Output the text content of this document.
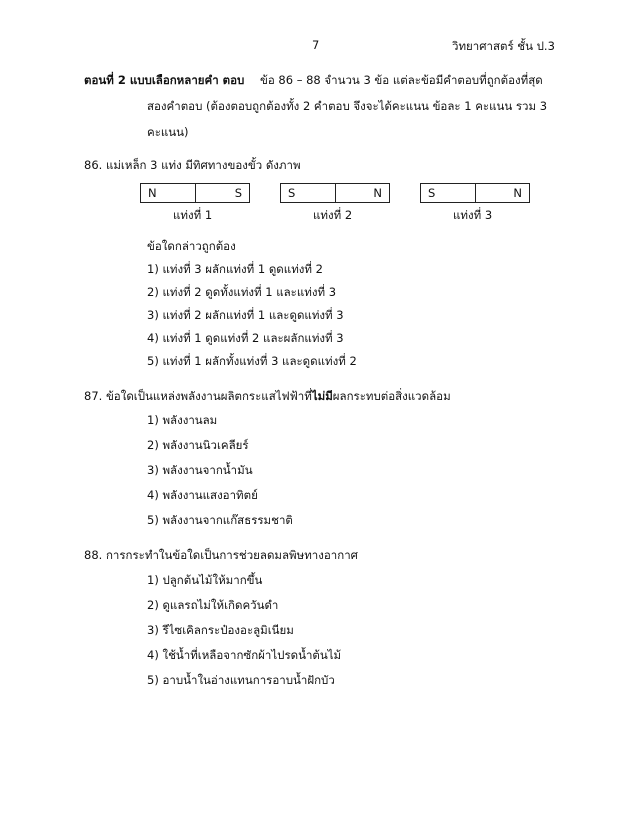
7	วิทยาศาสตร์ ชั้น ป.3
ตอนที่ 2 แบบเลือกหลายคำ ตอบ ข้อ 86 – 88 จำนวน 3 ข้อ แต่ละข้อมีคำตอบที่ถูกต้องที่สุด
สองคำตอบ (ต้องตอบถูกต้องทั้ง 2 คำตอบ จึงจะได้คะแนน ข้อละ 1 คะแนน รวม 3
คะแนน)
86. แม่เหล็ก 3 แท่ง มีทิศทางของขั้ว ดังภาพ
N	S	S	N	S	N
แท่งที่ 1	แท่งที่ 2	แท่งที่ 3
ข้อใดกล่าวถูกต้อง
1) แท่งที่ 3 ผลักแท่งที่ 1 ดูดแท่งที่ 2
2) แท่งที่ 2 ดูดทั้งแท่งที่ 1 และแท่งที่ 3
3) แท่งที่ 2 ผลักแท่งที่ 1 และดูดแท่งที่ 3
4) แท่งที่ 1 ดูดแท่งที่ 2 และผลักแท่งที่ 3
5) แท่งที่ 1 ผลักทั้งแท่งที่ 3 และดูดแท่งที่ 2
87. ข้อใดเป็นแหล่งพลังงานผลิตกระแสไฟฟ้าที่ไม่มีผลกระทบต่อสิ่งแวดล้อม
1) พลังงานลม
2) พลังงานนิวเคลียร์
3) พลังงานจากน้ำมัน
4) พลังงานแสงอาทิตย์
5) พลังงานจากแก๊สธรรมชาติ
88. การกระทำในข้อใดเป็นการช่วยลดมลพิษทางอากาศ
1) ปลูกต้นไม้ให้มากขึ้น
2) ดูแลรถไม่ให้เกิดควันดำ
3) รีไซเคิลกระป๋องอะลูมิเนียม
4) ใช้น้ำที่เหลือจากซักผ้าไปรดน้ำต้นไม้
5) อาบน้ำในอ่างแทนการอาบน้ำฝักบัว
